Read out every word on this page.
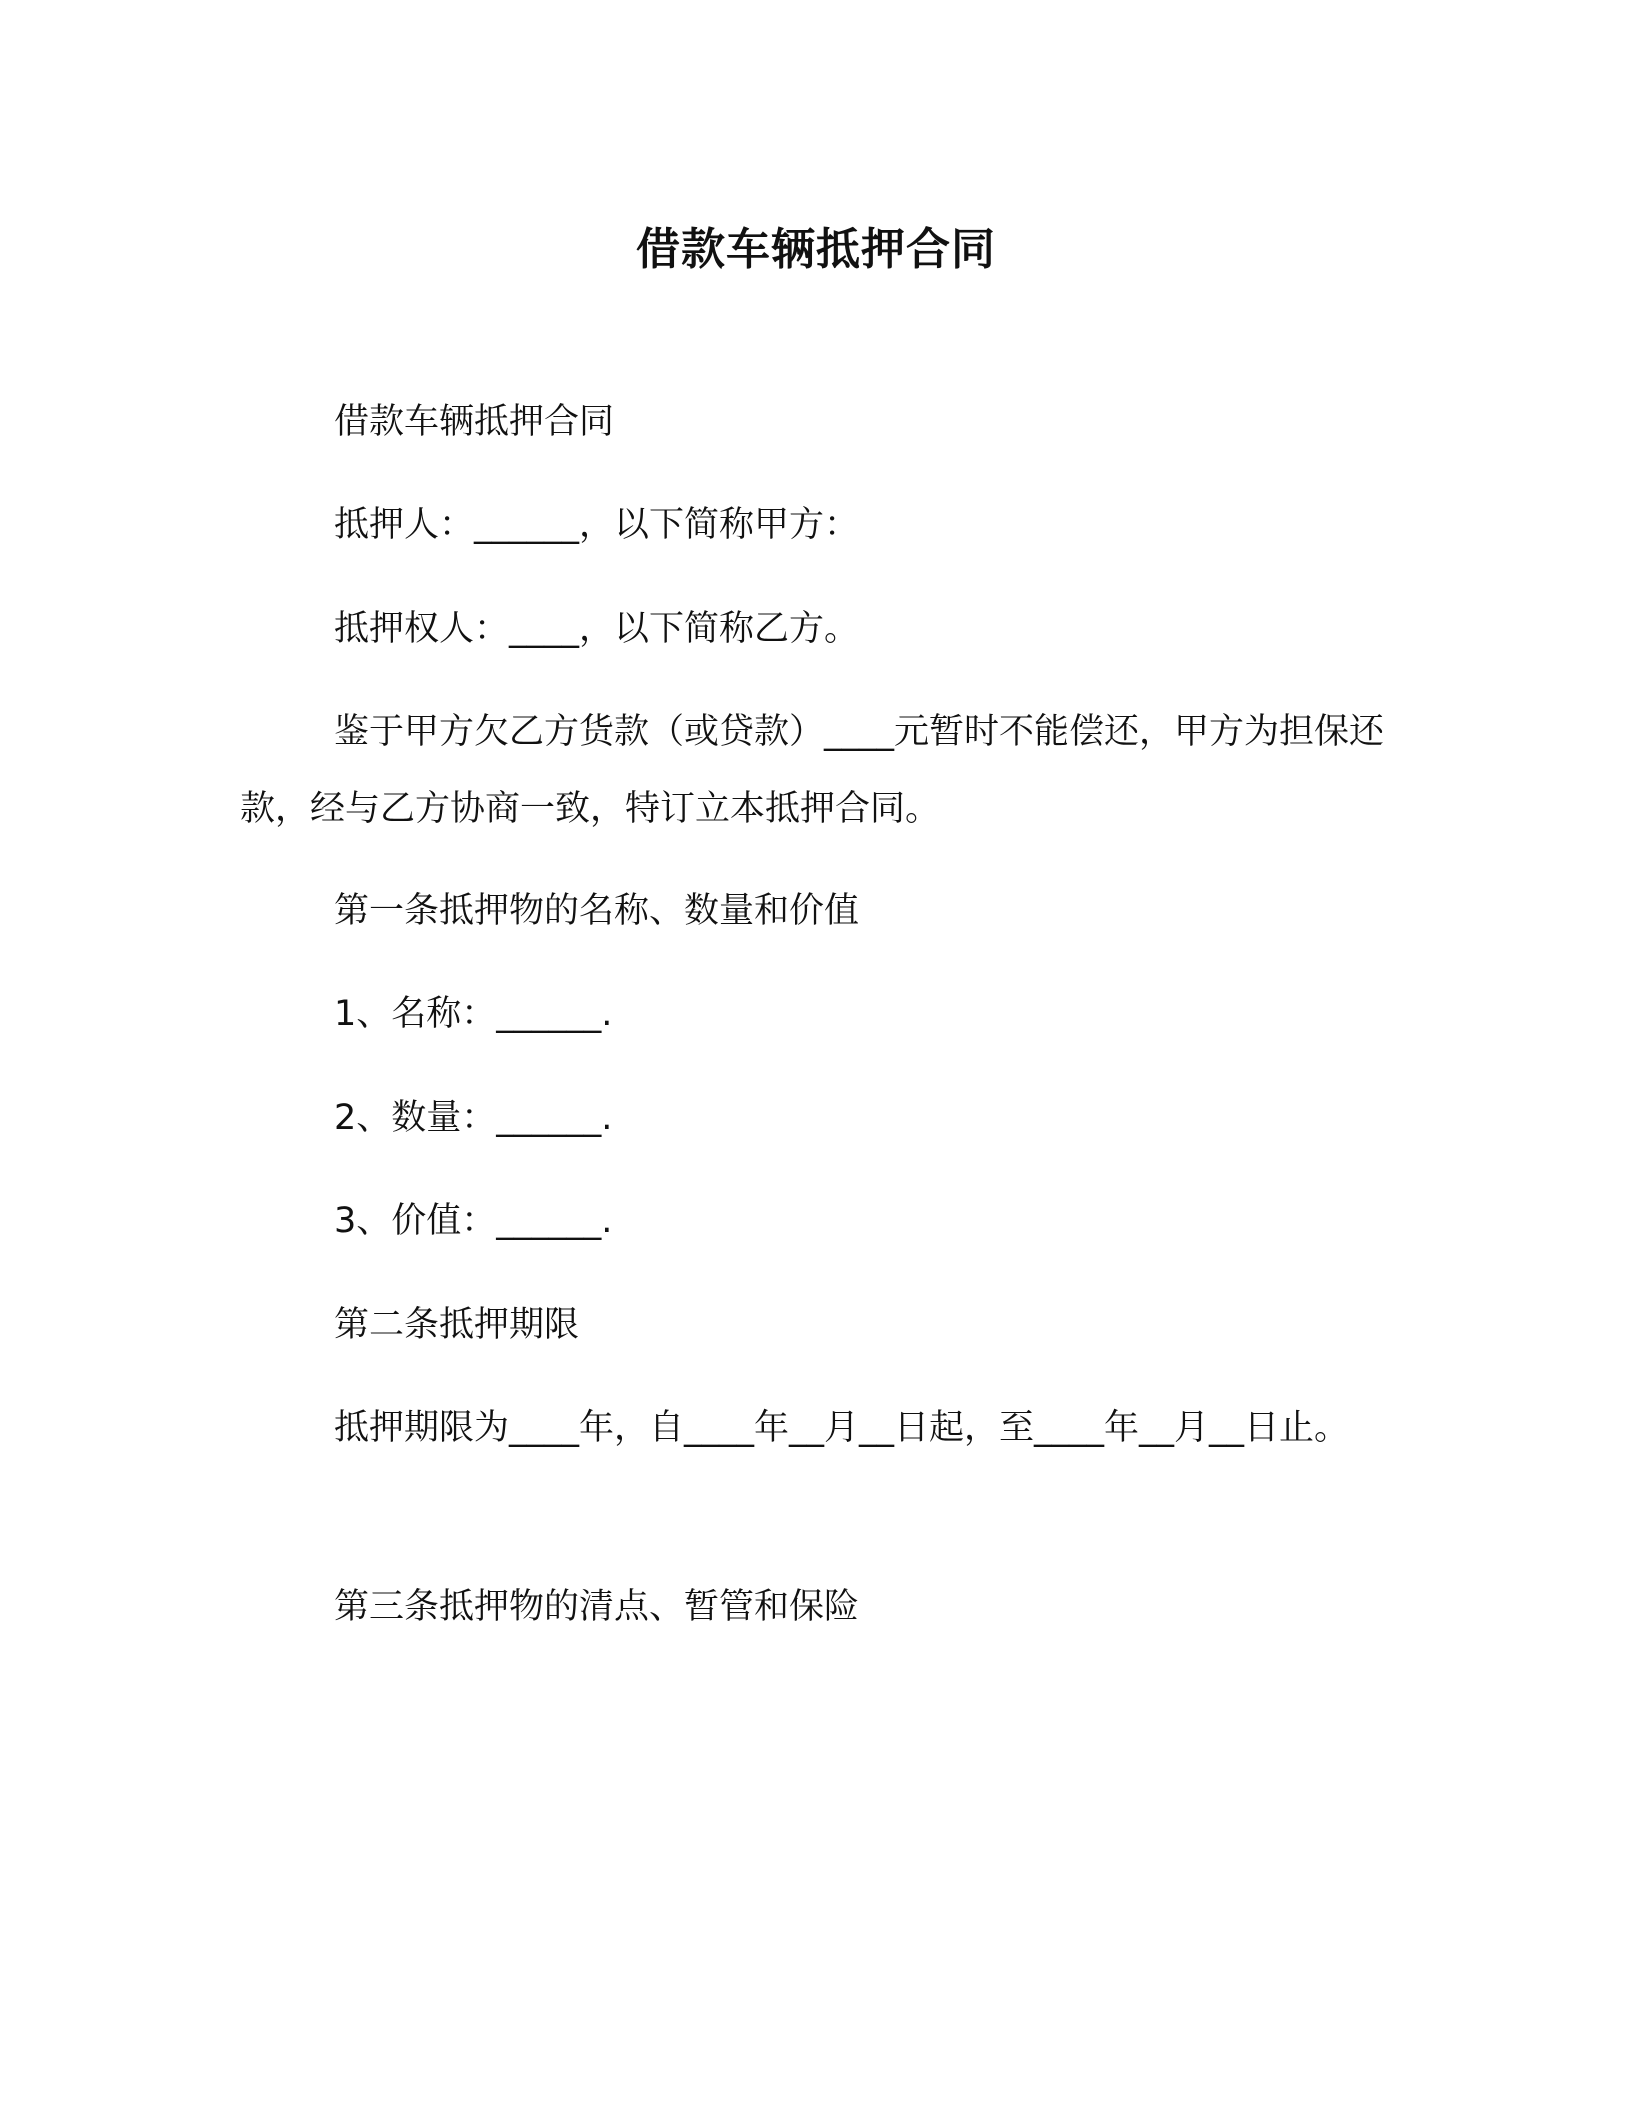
借款车辆抵押合同
借款车辆抵押合同
抵押人：______，以下简称甲方：
抵押权人：____，以下简称乙方。
鉴于甲方欠乙方货款（或贷款）____元暂时不能偿还，甲方为担保还款，经与乙方协商一致，特订立本抵押合同。
第一条抵押物的名称、数量和价值
1、名称：______.
2、数量：______.
3、价值：______.
第二条抵押期限
抵押期限为____年，自____年__月__日起，至____年__月__日止。
第三条抵押物的清点、暂管和保险
